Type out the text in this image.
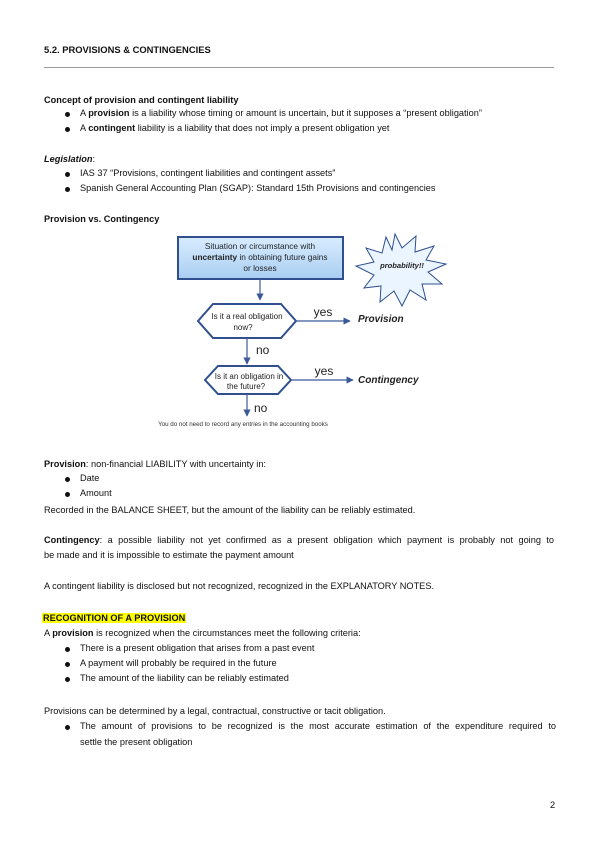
5.2. PROVISIONS & CONTINGENCIES
Concept of provision and contingent liability
A provision is a liability whose timing or amount is uncertain, but it supposes a “present obligation”
A contingent liability is a liability that does not imply a present obligation yet
Legislation:
IAS 37 “Provisions, contingent liabilities and contingent assets”
Spanish General Accounting Plan (SGAP): Standard 15th Provisions and contingencies
Provision vs. Contingency
Situation or circumstance with
uncertainty in obtaining future gains
or losses	probability!!
Is it a real obligation
now?
yes
Provision
no
Is it an obligation in
the future?
yes
Contingency
no
You do not need to record any entries in the accounting books
Provision: non-financial LIABILITY with uncertainty in:
Date
Amount
Recorded in the BALANCE SHEET, but the amount of the liability can be reliably estimated.
Contingency: a possible liability not yet confirmed as a present obligation which payment is probably not going to
be made and it is impossible to estimate the payment amount
A contingent liability is disclosed but not recognized, recognized in the EXPLANATORY NOTES.
RECOGNITION OF A PROVISION
A provision is recognized when the circumstances meet the following criteria:
There is a present obligation that arises from a past event
A payment will probably be required in the future
The amount of the liability can be reliably estimated
Provisions can be determined by a legal, contractual, constructive or tacit obligation.
The amount of provisions to be recognized is the most accurate estimation of the expenditure required to
settle the present obligation
2
